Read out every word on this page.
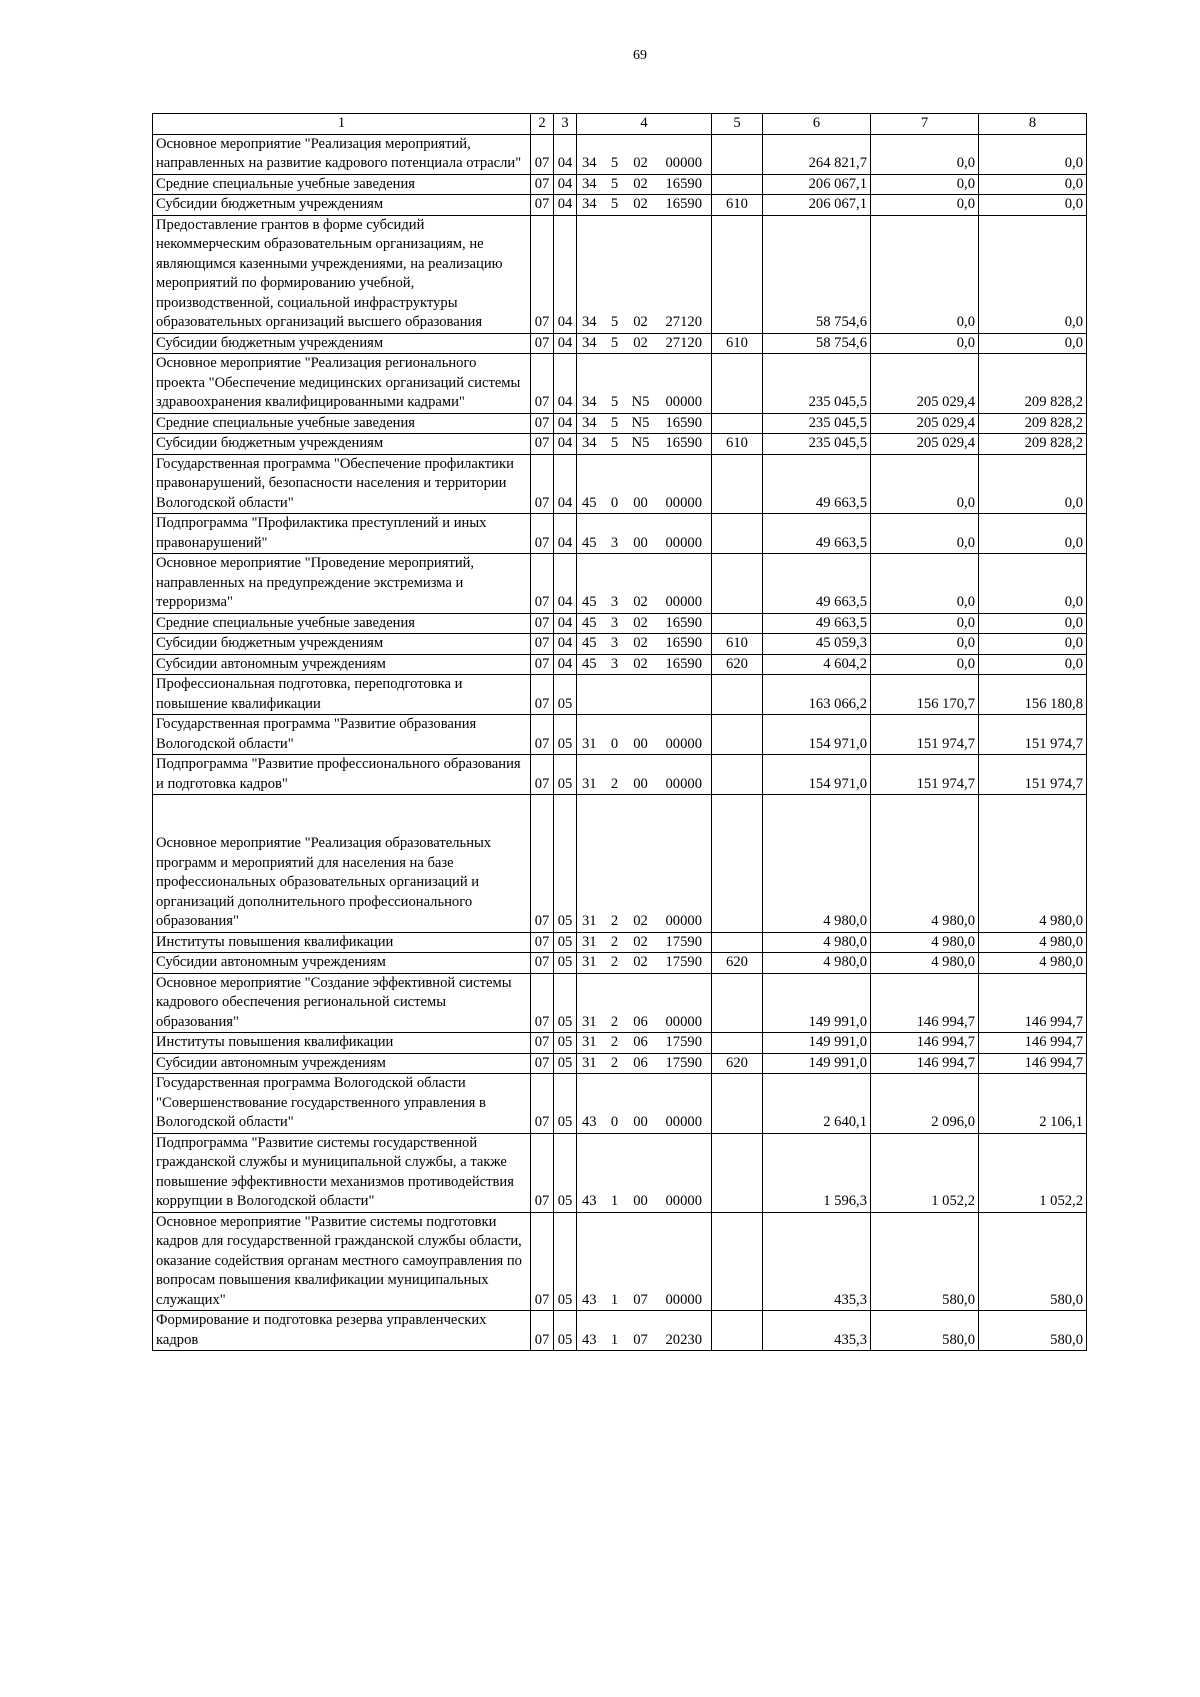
69
1	2	3	4				5	6	7	8
Основное мероприятие "Реализация мероприятий, направленных на развитие кадрового потенциала отрасли"	07	04	34	5	02	00000		264 821,7	0,0	0,0
Средние специальные учебные заведения	07	04	34	5	02	16590		206 067,1	0,0	0,0
Субсидии бюджетным учреждениям	07	04	34	5	02	16590	610	206 067,1	0,0	0,0
Предоставление грантов в форме субсидий некоммерческим образовательным организациям, не являющимся казенными учреждениями, на реализацию мероприятий по формированию учебной, производственной, социальной инфраструктуры образовательных организаций высшего образования	07	04	34	5	02	27120		58 754,6	0,0	0,0
Субсидии бюджетным учреждениям	07	04	34	5	02	27120	610	58 754,6	0,0	0,0
Основное мероприятие "Реализация регионального проекта "Обеспечение медицинских организаций системы здравоохранения квалифицированными кадрами"	07	04	34	5	N5	00000		235 045,5	205 029,4	209 828,2
Средние специальные учебные заведения	07	04	34	5	N5	16590		235 045,5	205 029,4	209 828,2
Субсидии бюджетным учреждениям	07	04	34	5	N5	16590	610	235 045,5	205 029,4	209 828,2
Государственная программа "Обеспечение профилактики правонарушений, безопасности населения и территории Вологодской области"	07	04	45	0	00	00000		49 663,5	0,0	0,0
Подпрограмма "Профилактика преступлений и иных правонарушений"	07	04	45	3	00	00000		49 663,5	0,0	0,0
Основное мероприятие "Проведение мероприятий, направленных на предупреждение экстремизма и терроризма"	07	04	45	3	02	00000		49 663,5	0,0	0,0
Средние специальные учебные заведения	07	04	45	3	02	16590		49 663,5	0,0	0,0
Субсидии бюджетным учреждениям	07	04	45	3	02	16590	610	45 059,3	0,0	0,0
Субсидии автономным учреждениям	07	04	45	3	02	16590	620	4 604,2	0,0	0,0
Профессиональная подготовка, переподготовка и повышение квалификации	07	05						163 066,2	156 170,7	156 180,8
Государственная программа "Развитие образования Вологодской области"	07	05	31	0	00	00000		154 971,0	151 974,7	151 974,7
Подпрограмма "Развитие профессионального образования и подготовка кадров"	07	05	31	2	00	00000		154 971,0	151 974,7	151 974,7

Основное мероприятие "Реализация образовательных программ и мероприятий для населения на базе профессиональных образовательных организаций и организаций дополнительного профессионального образования"	07	05	31	2	02	00000		4 980,0	4 980,0	4 980,0
Институты повышения квалификации	07	05	31	2	02	17590		4 980,0	4 980,0	4 980,0
Субсидии автономным учреждениям	07	05	31	2	02	17590	620	4 980,0	4 980,0	4 980,0
Основное мероприятие "Создание эффективной системы кадрового обеспечения региональной системы образования"	07	05	31	2	06	00000		149 991,0	146 994,7	146 994,7
Институты повышения квалификации	07	05	31	2	06	17590		149 991,0	146 994,7	146 994,7
Субсидии автономным учреждениям	07	05	31	2	06	17590	620	149 991,0	146 994,7	146 994,7
Государственная программа Вологодской области "Совершенствование государственного управления в Вологодской области"	07	05	43	0	00	00000		2 640,1	2 096,0	2 106,1
Подпрограмма "Развитие системы государственной гражданской службы и муниципальной службы, а также повышение эффективности механизмов противодействия коррупции в Вологодской области"	07	05	43	1	00	00000		1 596,3	1 052,2	1 052,2
Основное мероприятие "Развитие системы подготовки кадров для государственной гражданской службы области, оказание содействия органам местного самоуправления по вопросам повышения квалификации муниципальных служащих"	07	05	43	1	07	00000		435,3	580,0	580,0
Формирование и подготовка резерва управленческих кадров	07	05	43	1	07	20230		435,3	580,0	580,0
